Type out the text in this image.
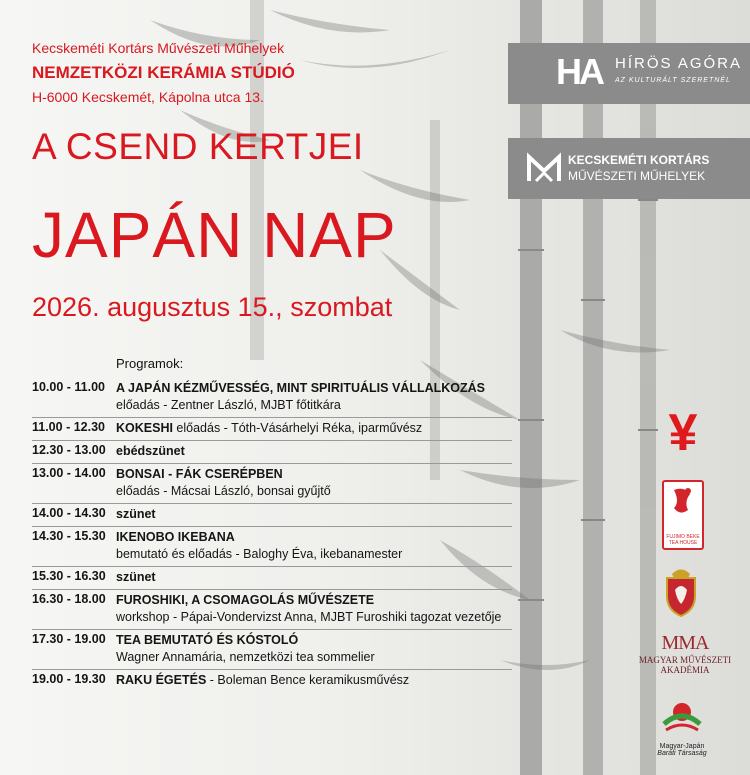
Kecskeméti Kortárs Művészeti Műhelyek

NEMZETKÖZI KERÁMIA STÚDIÓ

H-6000 Kecskemét, Kápolna utca 13.

A CSEND KERTJEI
JAPÁN NAP

2026. augusztus 15., szombat

Programok:
10.00 - 11.00 A JAPÁN KÉZMŰVESSÉG, MINT SPIRITUÁLIS VÁLLALKOZÁS
előadás - Zentner László, MJBT főtitkára
11.00 - 12.30 KOKESHI előadás - Tóth-Vásárhelyi Réka, iparművész
12.30 - 13.00 ebédszünet
13.00 - 14.00 BONSAI - FÁK CSERÉPBEN
előadás - Mácsai László, bonsai gyűjtő
14.00 - 14.30 szünet
14.30 - 15.30 IKENOBO IKEBANA
bemutató és előadás - Baloghy Éva, ikebanamester
15.30 - 16.30 szünet
16.30 - 18.00 FUROSHIKI, A CSOMAGOLÁS MŰVÉSZETE
workshop - Pápai-Vondervizst Anna, MJBT Furoshiki tagozat vezetője
17.30 - 19.00 TEA BEMUTATÓ ÉS KÓSTOLÓ
Wagner Annamária, nemzetközi tea sommelier
19.00 - 19.30 RAKU ÉGETÉS - Boleman Bence keramikusművész
HA HÍRÖS AGÓRA
AZ KULTURÁLT SZERETNÉL
KECSKEMÉTI KORTÁRS
MŰVÉSZETI MŰHELYEK
¥
FUJIMO BEKE
TEA HOUSE
MMA
MAGYAR MŰVÉSZETI
AKADÉMIA
Magyar-Japán
Baráti Társaság
